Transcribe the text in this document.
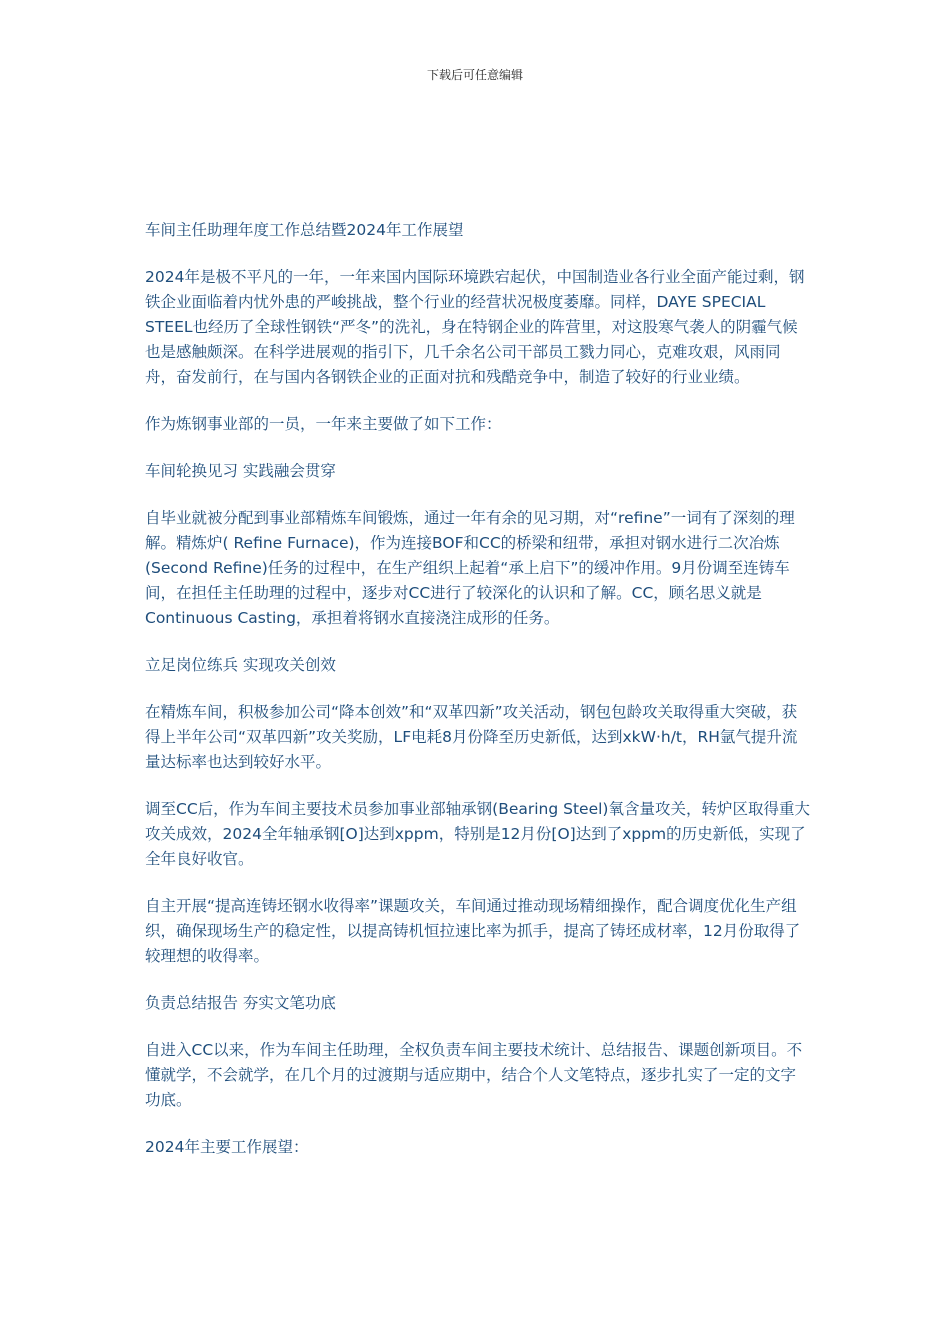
下载后可任意编辑

车间主任助理年度工作总结暨2024年工作展望

2024年是极不平凡的一年，一年来国内国际环境跌宕起伏，中国制造业各行业全面产能过剩，钢铁企业面临着内忧外患的严峻挑战，整个行业的经营状况极度萎靡。同样，DAYE SPECIAL STEEL也经历了全球性钢铁“严冬”的洗礼，身在特钢企业的阵营里，对这股寒气袭人的阴霾气候也是感触颇深。在科学进展观的指引下，几千余名公司干部员工戮力同心，克难攻艰，风雨同舟，奋发前行，在与国内各钢铁企业的正面对抗和残酷竞争中，制造了较好的行业业绩。

作为炼钢事业部的一员，一年来主要做了如下工作：

车间轮换见习 实践融会贯穿

自毕业就被分配到事业部精炼车间锻炼，通过一年有余的见习期，对“refine”一词有了深刻的理解。精炼炉( Refine Furnace)，作为连接BOF和CC的桥梁和纽带，承担对钢水进行二次冶炼(Second Refine)任务的过程中，在生产组织上起着“承上启下”的缓冲作用。9月份调至连铸车间，在担任主任助理的过程中，逐步对CC进行了较深化的认识和了解。CC，顾名思义就是Continuous Casting，承担着将钢水直接浇注成形的任务。

立足岗位练兵 实现攻关创效

在精炼车间，积极参加公司“降本创效”和“双革四新”攻关活动，钢包包龄攻关取得重大突破，获得上半年公司“双革四新”攻关奖励，LF电耗8月份降至历史新低，达到xkW·h/t，RH氩气提升流量达标率也达到较好水平。

调至CC后，作为车间主要技术员参加事业部轴承钢(Bearing Steel)氧含量攻关，转炉区取得重大攻关成效，2024全年轴承钢[O]达到xppm，特别是12月份[O]达到了xppm的历史新低，实现了全年良好收官。

自主开展“提高连铸坯钢水收得率”课题攻关，车间通过推动现场精细操作，配合调度优化生产组织，确保现场生产的稳定性，以提高铸机恒拉速比率为抓手，提高了铸坯成材率，12月份取得了较理想的收得率。

负责总结报告 夯实文笔功底

自进入CC以来，作为车间主任助理，全权负责车间主要技术统计、总结报告、课题创新项目。不懂就学，不会就学，在几个月的过渡期与适应期中，结合个人文笔特点，逐步扎实了一定的文字功底。

2024年主要工作展望：
